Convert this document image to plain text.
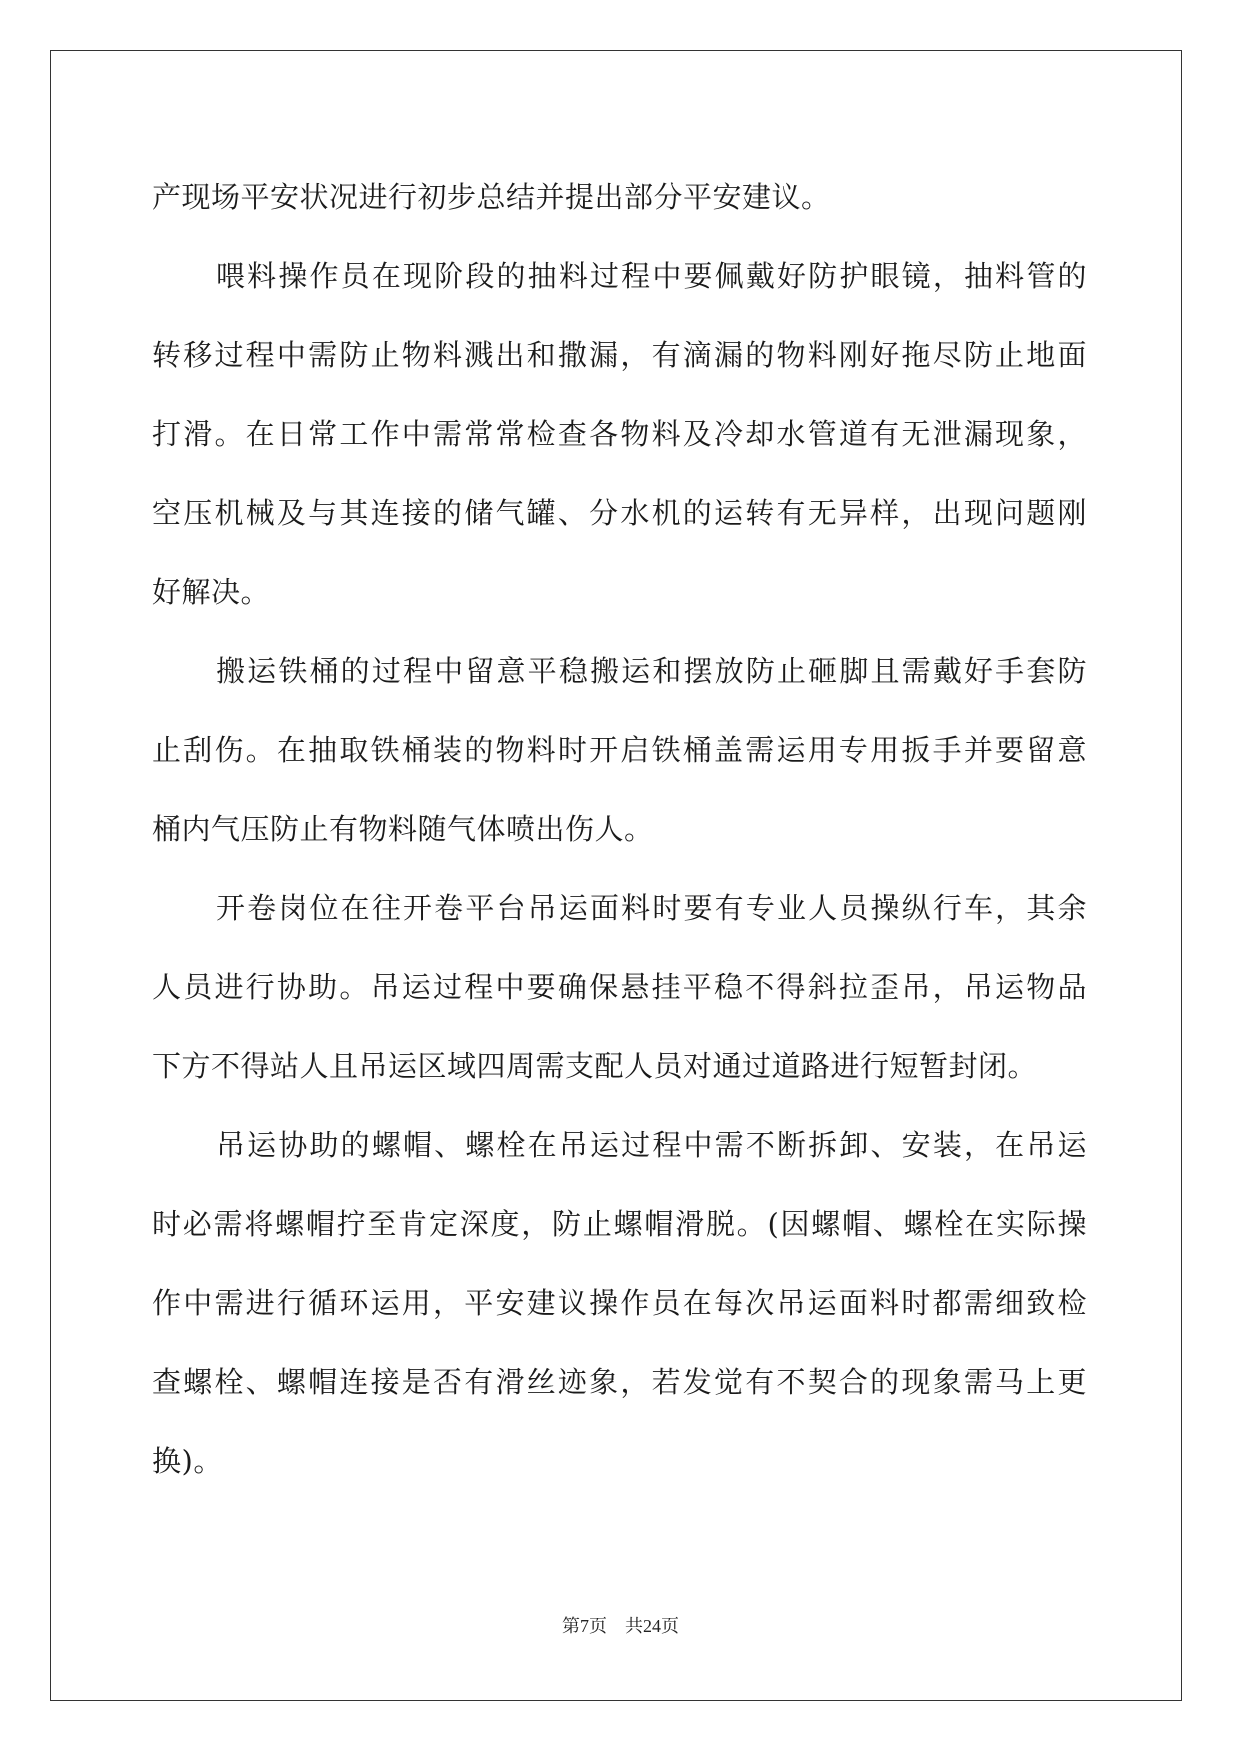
产现场平安状况进行初步总结并提出部分平安建议。
喂料操作员在现阶段的抽料过程中要佩戴好防护眼镜，抽料管的
转移过程中需防止物料溅出和撒漏，有滴漏的物料刚好拖尽防止地面
打滑。在日常工作中需常常检查各物料及冷却水管道有无泄漏现象，
空压机械及与其连接的储气罐、分水机的运转有无异样，出现问题刚
好解决。
搬运铁桶的过程中留意平稳搬运和摆放防止砸脚且需戴好手套防
止刮伤。在抽取铁桶装的物料时开启铁桶盖需运用专用扳手并要留意
桶内气压防止有物料随气体喷出伤人。
开卷岗位在往开卷平台吊运面料时要有专业人员操纵行车，其余
人员进行协助。吊运过程中要确保悬挂平稳不得斜拉歪吊，吊运物品
下方不得站人且吊运区域四周需支配人员对通过道路进行短暂封闭。
吊运协助的螺帽、螺栓在吊运过程中需不断拆卸、安装，在吊运
时必需将螺帽拧至肯定深度，防止螺帽滑脱。(因螺帽、螺栓在实际操
作中需进行循环运用，平安建议操作员在每次吊运面料时都需细致检
查螺栓、螺帽连接是否有滑丝迹象，若发觉有不契合的现象需马上更
换)。
第7页　共24页
